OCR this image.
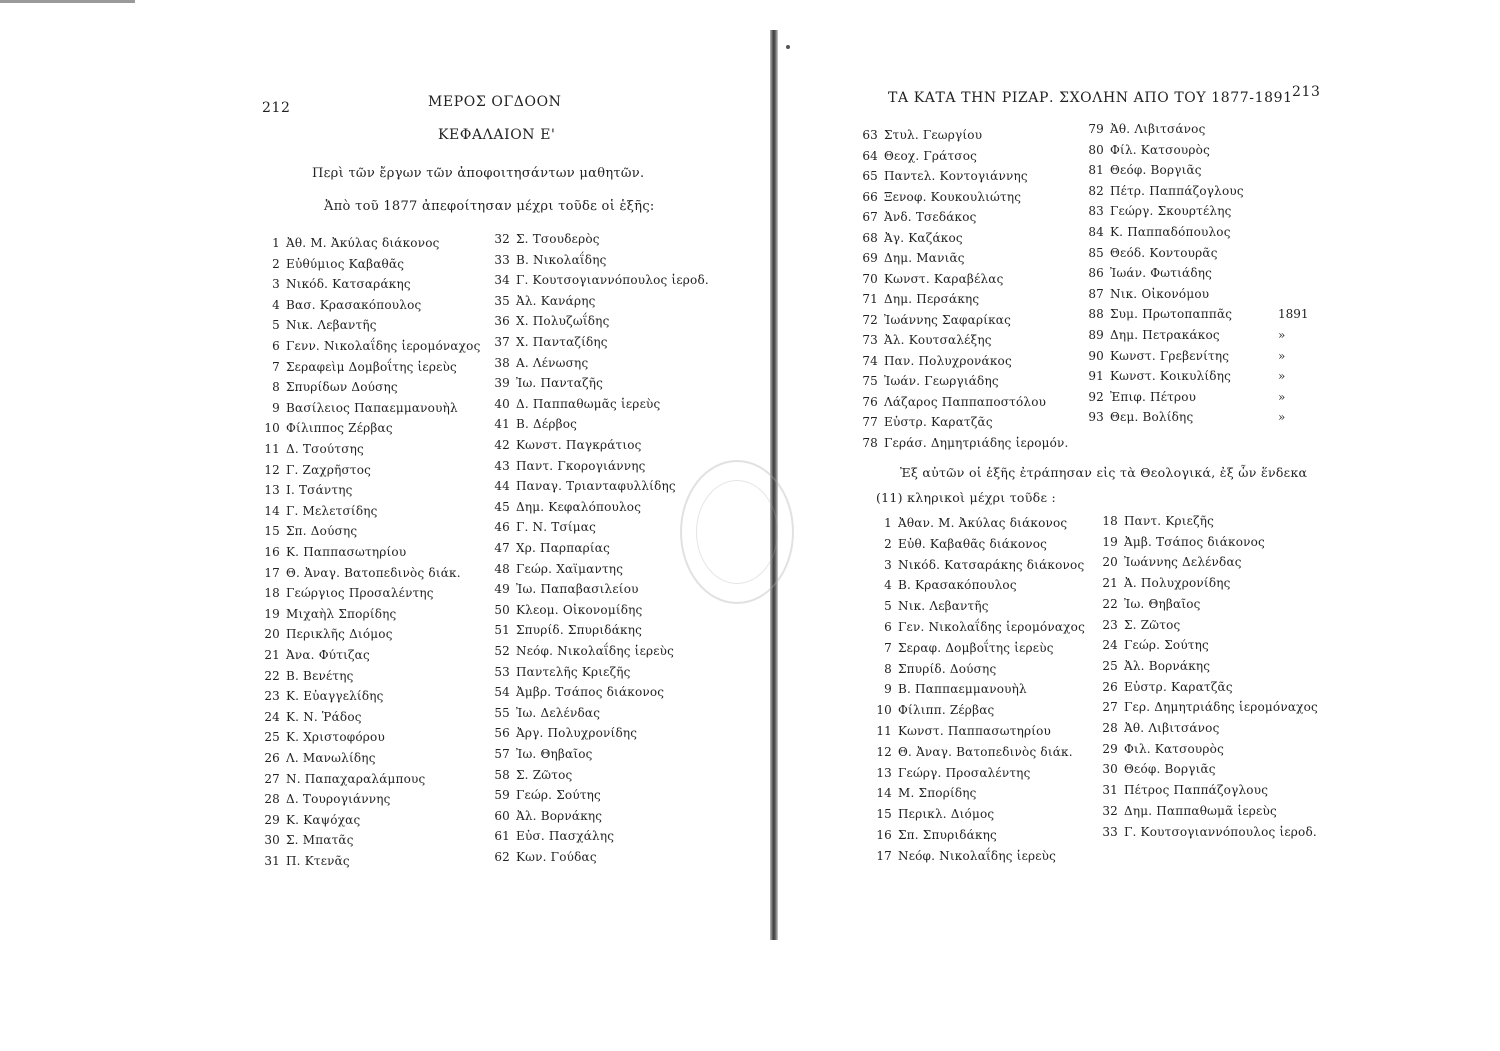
212	ΜΕΡΟΣ ΟΓΔΟΟΝ
ΚΕΦΑΛΑΙΟΝ Ε'
Περὶ τῶν ἔργων τῶν ἀποφοιτησάντων μαθητῶν.
Ἀπὸ τοῦ 1877 ἀπεφοίτησαν μέχρι τοῦδε οἱ ἑξῆς:
1 Ἀθ. Μ. Ἀκύλας διάκονος
2 Εὐθύμιος Καβαθᾶς
3 Νικόδ. Κατσαράκης
4 Βασ. Κρασακόπουλος
5 Νικ. Λεβαντῆς
6 Γενν. Νικολαΐδης ἱερομόναχος
7 Σεραφεὶμ Δομβοΐτης ἱερεὺς
8 Σπυρίδων Δούσης
9 Βασίλειος Παπαεμμανουὴλ
10 Φίλιππος Ζέρβας
11 Δ. Τσούτσης
12 Γ. Ζαχρῆστος
13 Ι. Τσάντης
14 Γ. Μελετσίδης
15 Σπ. Δούσης
16 Κ. Παππασωτηρίου
17 Θ. Ἀναγ. Βατοπεδινὸς διάκ.
18 Γεώργιος Προσαλέντης
19 Μιχαὴλ Σπορίδης
20 Περικλῆς Διόμος
21 Ἀνα. Φύτιζας
22 Β. Βενέτης
23 Κ. Εὐαγγελίδης
24 Κ. Ν. Ῥάδος
25 Κ. Χριστοφόρου
26 Λ. Μανωλίδης
27 Ν. Παπαχαραλάμπους
28 Δ. Τουρογιάννης
29 Κ. Καψόχας
30 Σ. Μπατᾶς
31 Π. Κτενᾶς
32 Σ. Τσουδερὸς
33 Β. Νικολαΐδης
34 Γ. Κουτσογιαννόπουλος ἱεροδ.
35 Ἀλ. Κανάρης
36 Χ. Πολυζωΐδης
37 Χ. Πανταζίδης
38 Α. Λένωσης
39 Ἰω. Πανταζῆς
40 Δ. Παππαθωμᾶς ἱερεὺς
41 Β. Δέρβος
42 Κωνστ. Παγκράτιος
43 Παντ. Γκορογιάννης
44 Παναγ. Τριανταφυλλίδης
45 Δημ. Κεφαλόπουλος
46 Γ. Ν. Τσίμας
47 Χρ. Παρπαρίας
48 Γεώρ. Χαϊμαντης
49 Ἰω. Παπαβασιλείου
50 Κλεομ. Οἰκονομίδης
51 Σπυρίδ. Σπυριδάκης
52 Νεόφ. Νικολαΐδης ἱερεὺς
53 Παντελῆς Κριεζῆς
54 Ἀμβρ. Τσάπος διάκονος
55 Ἰω. Δελένδας
56 Ἀργ. Πολυχρονίδης
57 Ἰω. Θηβαῖος
58 Σ. Ζῶτος
59 Γεώρ. Σούτης
60 Ἀλ. Βορνάκης
61 Εὐσ. Πασχάλης
62 Κων. Γούδας
ΤΑ ΚΑΤΑ ΤΗΝ ΡΙΖΑΡ. ΣΧΟΛΗΝ ΑΠΟ ΤΟΥ 1877-1891 213
63 Στυλ. Γεωργίου
64 Θεοχ. Γράτσος
65 Παντελ. Κοντογιάννης
66 Ξενοφ. Κουκουλιώτης
67 Ἀνδ. Τσεδάκος
68 Ἀγ. Καζάκος
69 Δημ. Μανιᾶς
70 Κωνστ. Καραβέλας
71 Δημ. Περσάκης
72 Ἰωάννης Σαφαρίκας
73 Ἀλ. Κουτσαλέξης
74 Παν. Πολυχρονάκος
75 Ἰωάν. Γεωργιάδης
76 Λάζαρος Παππαποστόλου
77 Εὐστρ. Καρατζᾶς
78 Γεράσ. Δημητριάδης ἱερομόν.
79 Ἀθ. Λιβιτσάνος
80 Φίλ. Κατσουρὸς
81 Θεόφ. Βοργιᾶς
82 Πέτρ. Παππάζογλους
83 Γεώργ. Σκουρτέλης
84 Κ. Παππαδόπουλος
85 Θεόδ. Κοντουρᾶς
86 Ἰωάν. Φωτιάδης
87 Νικ. Οἰκονόμου
88 Συμ. Πρωτοπαππᾶς	1891
89 Δημ. Πετρακάκος	»
90 Κωνστ. Γρεβενίτης	»
91 Κωνστ. Κοικυλίδης	»
92 Ἐπιφ. Πέτρου	»
93 Θεμ. Βολίδης	»
Ἐξ αὐτῶν οἱ ἑξῆς ἐτράπησαν εἰς τὰ Θεολογικά, ἐξ ὧν ἕνδεκα
(11) κληρικοὶ μέχρι τοῦδε :
1 Ἀθαν. Μ. Ἀκύλας διάκονος
2 Εὐθ. Καβαθᾶς διάκονος
3 Νικόδ. Κατσαράκης διάκονος
4 Β. Κρασακόπουλος
5 Νικ. Λεβαντῆς
6 Γεν. Νικολαΐδης ἱερομόναχος
7 Σεραφ. Δομβοΐτης ἱερεὺς
8 Σπυρίδ. Δούσης
9 Β. Παππαεμμανουὴλ
10 Φίλιππ. Ζέρβας
11 Κωνστ. Παππασωτηρίου
12 Θ. Ἀναγ. Βατοπεδινὸς διάκ.
13 Γεώργ. Προσαλέντης
14 Μ. Σπορίδης
15 Περικλ. Διόμος
16 Σπ. Σπυριδάκης
17 Νεόφ. Νικολαΐδης ἱερεὺς
18 Παντ. Κριεζῆς
19 Ἀμβ. Τσάπος διάκονος
20 Ἰωάννης Δελένδας
21 Ἀ. Πολυχρονίδης
22 Ἰω. Θηβαῖος
23 Σ. Ζῶτος
24 Γεώρ. Σούτης
25 Ἀλ. Βορνάκης
26 Εὐστρ. Καρατζᾶς
27 Γερ. Δημητριάδης ἱερομόναχος
28 Ἀθ. Λιβιτσάνος
29 Φιλ. Κατσουρὸς
30 Θεόφ. Βοργιᾶς
31 Πέτρος Παππάζογλους
32 Δημ. Παππαθωμᾶ ἱερεὺς
33 Γ. Κουτσογιαννόπουλος ἱεροδ.
